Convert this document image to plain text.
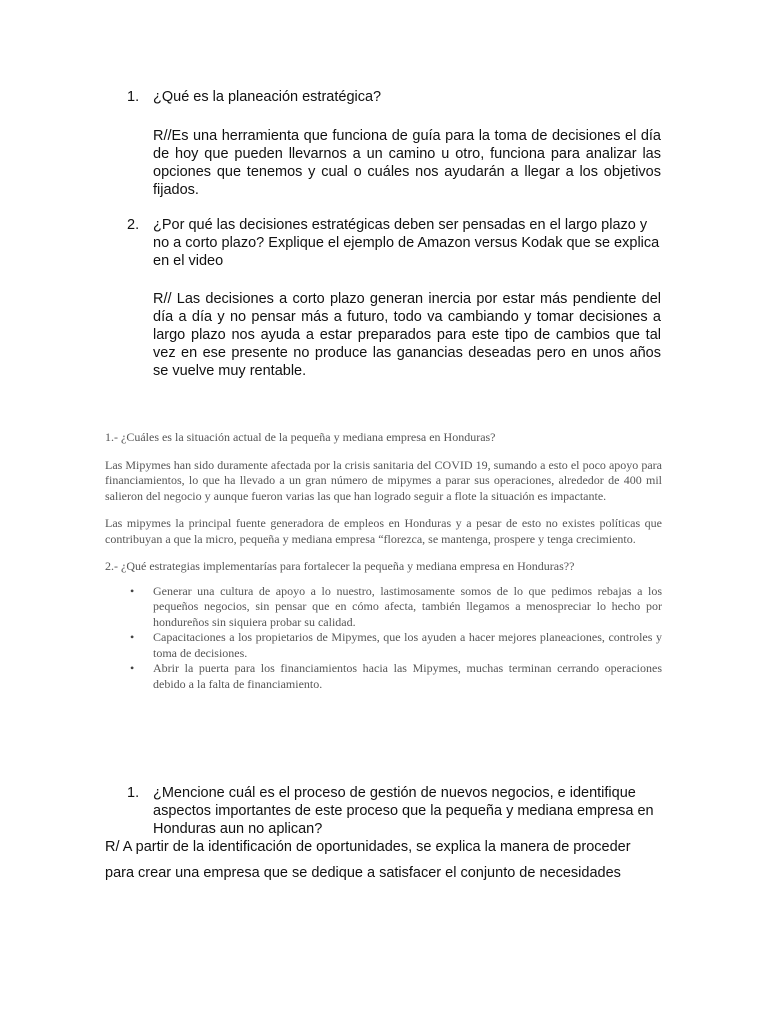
1. ¿Qué es la planeación estratégica?
R//Es una herramienta que funciona de guía para la toma de decisiones el día de hoy que pueden llevarnos a un camino u otro, funciona para analizar las opciones que tenemos y cual o cuáles nos ayudarán a llegar a los objetivos fijados.
2. ¿Por qué las decisiones estratégicas deben ser pensadas en el largo plazo y no a corto plazo? Explique el ejemplo de Amazon versus Kodak que se explica en el video
R// Las decisiones a corto plazo generan inercia por estar más pendiente del día a día y no pensar más a futuro, todo va cambiando y tomar decisiones a largo plazo nos ayuda a estar preparados para este tipo de cambios que tal vez en ese presente no produce las ganancias deseadas pero en unos años se vuelve muy rentable.

1.- ¿Cuáles es la situación actual de la pequeña y mediana empresa en Honduras?

Las Mipymes han sido duramente afectada por la crisis sanitaria del COVID 19, sumando a esto el poco apoyo para financiamientos, lo que ha llevado a un gran número de mipymes a parar sus operaciones, alrededor de 400 mil salieron del negocio y aunque fueron varias las que han logrado seguir a flote la situación es impactante.

Las mipymes la principal fuente generadora de empleos en Honduras y a pesar de esto no existes políticas que contribuyan a que la micro, pequeña y mediana empresa “florezca, se mantenga, prospere y tenga crecimiento.

2.- ¿Qué estrategias implementarías para fortalecer la pequeña y mediana empresa en Honduras??

• Generar una cultura de apoyo a lo nuestro, lastimosamente somos de lo que pedimos rebajas a los pequeños negocios, sin pensar que en cómo afecta, también llegamos a menospreciar lo hecho por hondureños sin siquiera probar su calidad.
• Capacitaciones a los propietarios de Mipymes, que los ayuden a hacer mejores planeaciones, controles y toma de decisiones.
• Abrir la puerta para los financiamientos hacia las Mipymes, muchas terminan cerrando operaciones debido a la falta de financiamiento.
1. ¿Mencione cuál es el proceso de gestión de nuevos negocios, e identifique aspectos importantes de este proceso que la pequeña y mediana empresa en Honduras aun no aplican?
R/ A partir de la identificación de oportunidades, se explica la manera de proceder
para crear una empresa que se dedique a satisfacer el conjunto de necesidades
